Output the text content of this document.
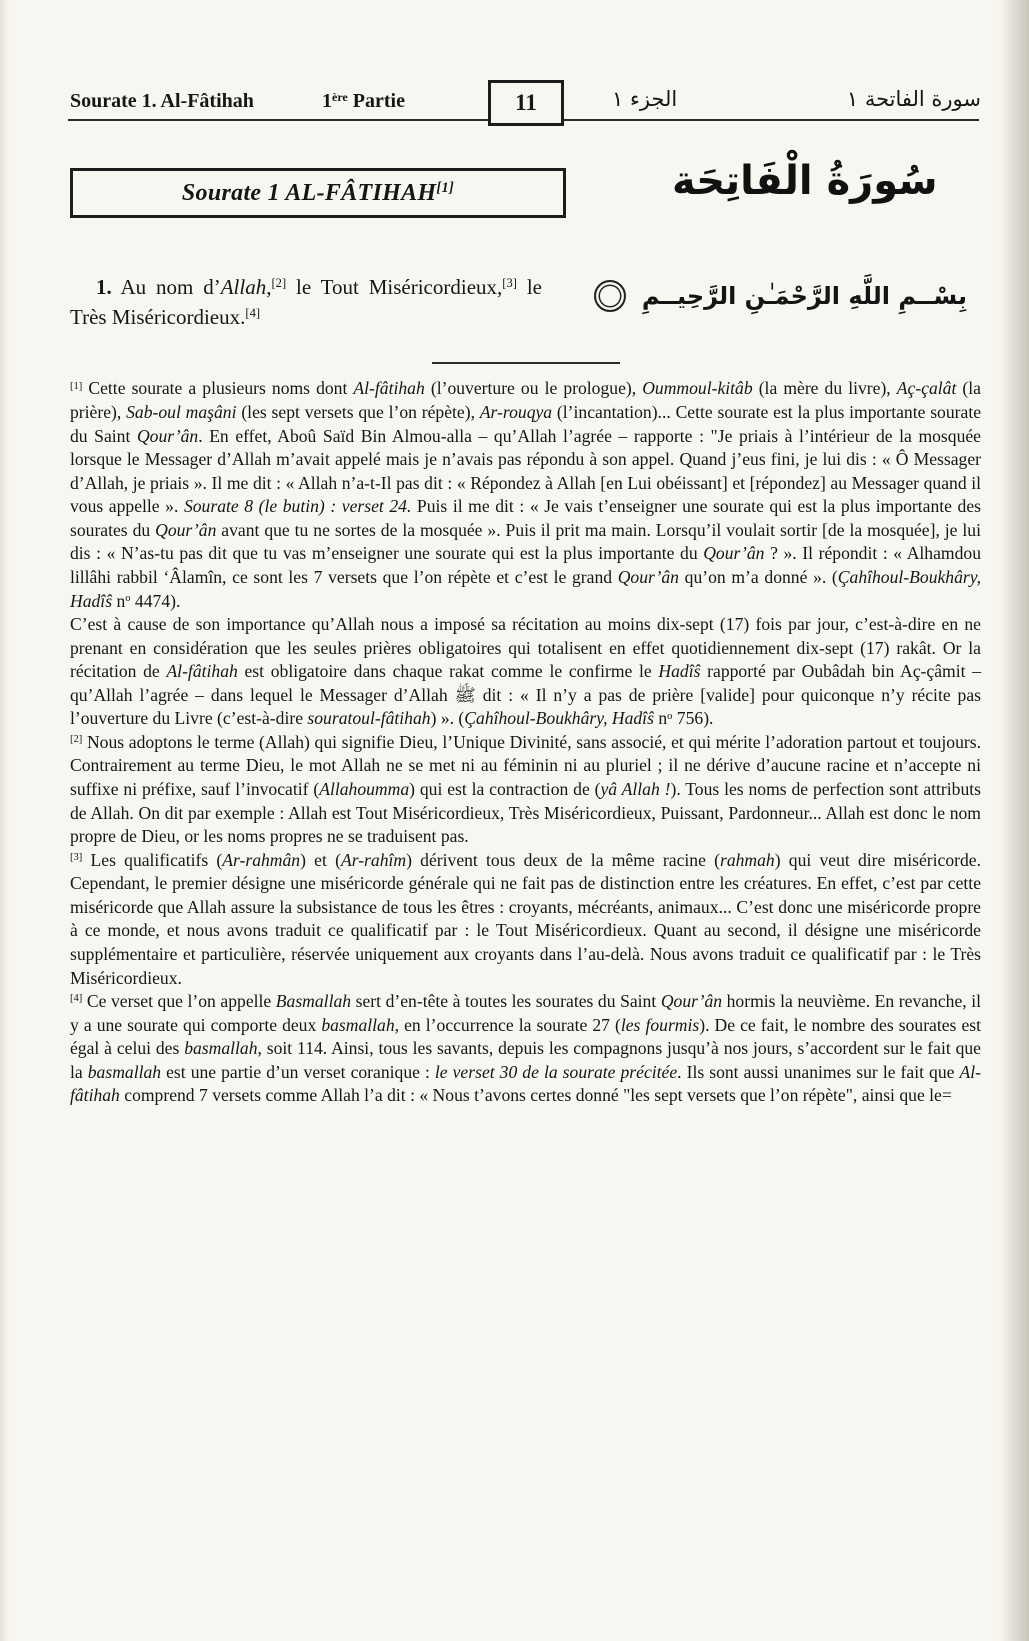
Sourate 1. Al-Fâtihah	1ère Partie	11	الجزء ١	سورة الفاتحة ١
Sourate 1 AL-FÂTIHAH[1]	سُورَةُ الْفَاتِحَة
1. Au nom d’Allah,[2] le Tout Miséricordieux,[3] le Très Miséricordieux.[4]
بِسْــمِ اللَّهِ الرَّحْمَـٰنِ الرَّحِيــمِ

[1] Cette sourate a plusieurs noms dont Al-fâtihah (l’ouverture ou le prologue), Oummoul-kitâb (la mère du livre), Aç-çalât (la prière), Sab-oul maşâni (les sept versets que l’on répète), Ar-rouqya (l’incantation)... Cette sourate est la plus importante sourate du Saint Qour’ân. En effet, Aboû Saïd Bin Almou-alla – qu’Allah l’agrée – rapporte : "Je priais à l’intérieur de la mosquée lorsque le Messager d’Allah m’avait appelé mais je n’avais pas répondu à son appel. Quand j’eus fini, je lui dis : « Ô Messager d’Allah, je priais ». Il me dit : « Allah n’a-t-Il pas dit : « Répondez à Allah [en Lui obéissant] et [répondez] au Messager quand il vous appelle ». Sourate 8 (le butin) : verset 24. Puis il me dit : « Je vais t’enseigner une sourate qui est la plus importante des sourates du Qour’ân avant que tu ne sortes de la mosquée ». Puis il prit ma main. Lorsqu’il voulait sortir [de la mosquée], je lui dis : « N’as-tu pas dit que tu vas m’enseigner une sourate qui est la plus importante du Qour’ân ? ». Il répondit : « Alhamdou lillâhi rabbil ‘Âlamîn, ce sont les 7 versets que l’on répète et c’est le grand Qour’ân qu’on m’a donné ». (Çahîhoul-Boukhâry, Hadîŝ $n^o$ 4474).

C’est à cause de son importance qu’Allah nous a imposé sa récitation au moins dix-sept (17) fois par jour, c’est-à-dire en ne prenant en considération que les seules prières obligatoires qui totalisent en effet quotidiennement dix-sept (17) rakât. Or la récitation de Al-fâtihah est obligatoire dans chaque rakat comme le confirme le Hadîŝ rapporté par Oubâdah bin Aç-çâmit – qu’Allah l’agrée – dans lequel le Messager d’Allah ﷺ dit : « Il n’y a pas de prière [valide] pour quiconque n’y récite pas l’ouverture du Livre (c’est-à-dire souratoul-fâtihah) ». (Çahîhoul-Boukhâry, Hadîŝ $n^o$ 756).

[2] Nous adoptons le terme (Allah) qui signifie Dieu, l’Unique Divinité, sans associé, et qui mérite l’adoration partout et toujours. Contrairement au terme Dieu, le mot Allah ne se met ni au féminin ni au pluriel ; il ne dérive d’aucune racine et n’accepte ni suffixe ni préfixe, sauf l’invocatif (Allahoumma) qui est la contraction de (yâ Allah !). Tous les noms de perfection sont attributs de Allah. On dit par exemple : Allah est Tout Miséricordieux, Très Miséricordieux, Puissant, Pardonneur... Allah est donc le nom propre de Dieu, or les noms propres ne se traduisent pas.

[3] Les qualificatifs (Ar-rahmân) et (Ar-rahîm) dérivent tous deux de la même racine (rahmah) qui veut dire miséricorde. Cependant, le premier désigne une miséricorde générale qui ne fait pas de distinction entre les créatures. En effet, c’est par cette miséricorde que Allah assure la subsistance de tous les êtres : croyants, mécréants, animaux... C’est donc une miséricorde propre à ce monde, et nous avons traduit ce qualificatif par : le Tout Miséricordieux. Quant au second, il désigne une miséricorde supplémentaire et particulière, réservée uniquement aux croyants dans l’au-delà. Nous avons traduit ce qualificatif par : le Très Miséricordieux.

[4] Ce verset que l’on appelle Basmallah sert d’en-tête à toutes les sourates du Saint Qour’ân hormis la neuvième. En revanche, il y a une sourate qui comporte deux basmallah, en l’occurrence la sourate 27 (les fourmis). De ce fait, le nombre des sourates est égal à celui des basmallah, soit 114. Ainsi, tous les savants, depuis les compagnons jusqu’à nos jours, s’accordent sur le fait que la basmallah est une partie d’un verset coranique : le verset 30 de la sourate précitée. Ils sont aussi unanimes sur le fait que Al-fâtihah comprend 7 versets comme Allah l’a dit : « Nous t’avons certes donné "les sept versets que l’on répète", ainsi que le=
